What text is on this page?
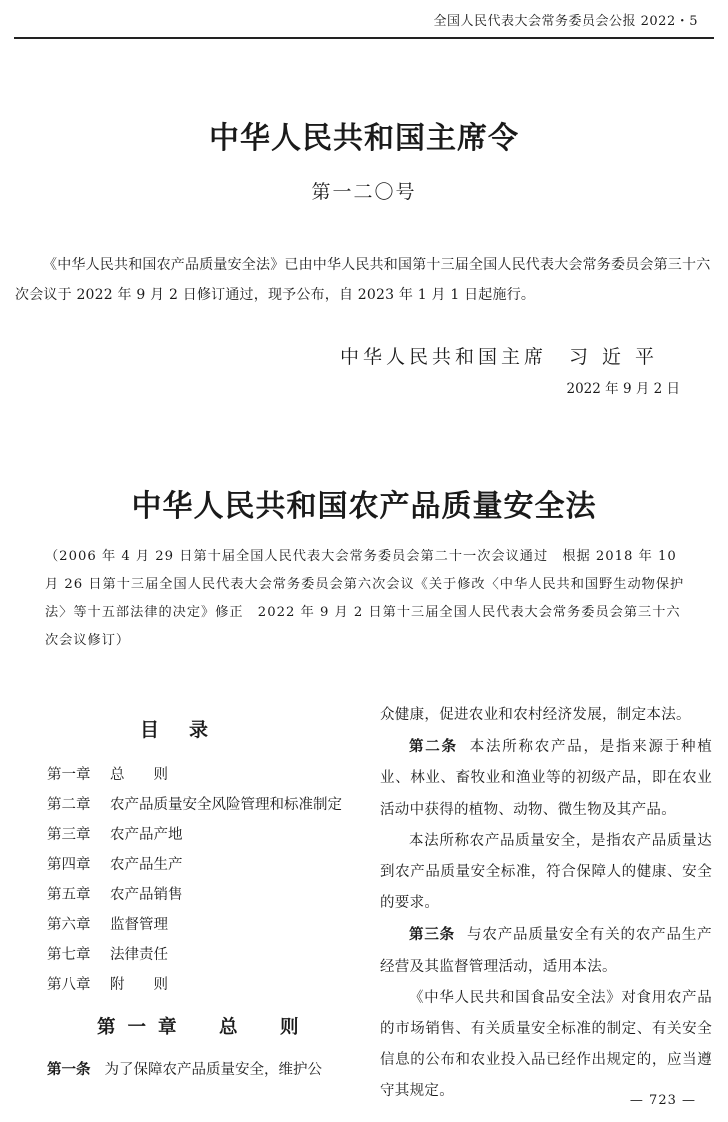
全国人民代表大会常务委员会公报 2022・5
中华人民共和国主席令
第一二〇号
《中华人民共和国农产品质量安全法》已由中华人民共和国第十三届全国人民代表大会常务委员会第三十六次会议于 2022 年 9 月 2 日修订通过，现予公布，自 2023 年 1 月 1 日起施行。
中华人民共和国主席 习近平
2022 年 9 月 2 日
中华人民共和国农产品质量安全法
（2006 年 4 月 29 日第十届全国人民代表大会常务委员会第二十一次会议通过　根据 2018 年 10 月 26 日第十三届全国人民代表大会常务委员会第六次会议《关于修改〈中华人民共和国野生动物保护法〉等十五部法律的决定》修正　2022 年 9 月 2 日第十三届全国人民代表大会常务委员会第三十六次会议修订）
目录
第一章 总　　则
第二章 农产品质量安全风险管理和标准制定
第三章 农产品产地
第四章 农产品生产
第五章 农产品销售
第六章 监督管理
第七章 法律责任
第八章 附　　则
第一章　总　则
第一条 为了保障农产品质量安全，维护公

众健康，促进农业和农村经济发展，制定本法。

第二条 本法所称农产品，是指来源于种植业、林业、畜牧业和渔业等的初级产品，即在农业活动中获得的植物、动物、微生物及其产品。

本法所称农产品质量安全，是指农产品质量达到农产品质量安全标准，符合保障人的健康、安全的要求。

第三条 与农产品质量安全有关的农产品生产经营及其监督管理活动，适用本法。

《中华人民共和国食品安全法》对食用农产品的市场销售、有关质量安全标准的制定、有关安全信息的公布和农业投入品已经作出规定的，应当遵守其规定。

— 723 —
